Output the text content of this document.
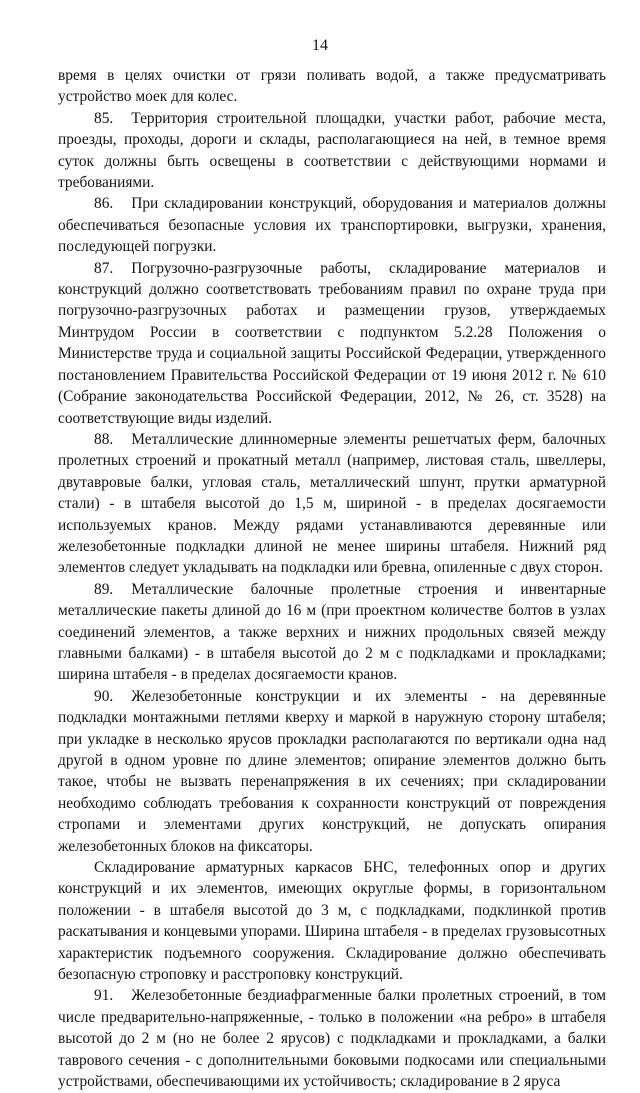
14

время в целях очистки от грязи поливать водой, а также предусматривать устройство моек для колес.

85. Территория строительной площадки, участки работ, рабочие места, проезды, проходы, дороги и склады, располагающиеся на ней, в темное время суток должны быть освещены в соответствии с действующими нормами и требованиями.

86. При складировании конструкций, оборудования и материалов должны обеспечиваться безопасные условия их транспортировки, выгрузки, хранения, последующей погрузки.

87. Погрузочно-разгрузочные работы, складирование материалов и конструкций должно соответствовать требованиям правил по охране труда при погрузочно-разгрузочных работах и размещении грузов, утверждаемых Минтрудом России в соответствии с подпунктом 5.2.28 Положения о Министерстве труда и социальной защиты Российской Федерации, утвержденного постановлением Правительства Российской Федерации от 19 июня 2012 г. № 610 (Собрание законодательства Российской Федерации, 2012, № 26, ст. 3528) на соответствующие виды изделий.

88. Металлические длинномерные элементы решетчатых ферм, балочных пролетных строений и прокатный металл (например, листовая сталь, швеллеры, двутавровые балки, угловая сталь, металлический шпунт, прутки арматурной стали) - в штабеля высотой до 1,5 м, шириной - в пределах досягаемости используемых кранов. Между рядами устанавливаются деревянные или железобетонные подкладки длиной не менее ширины штабеля. Нижний ряд элементов следует укладывать на подкладки или бревна, опиленные с двух сторон.

89. Металлические балочные пролетные строения и инвентарные металлические пакеты длиной до 16 м (при проектном количестве болтов в узлах соединений элементов, а также верхних и нижних продольных связей между главными балками) - в штабеля высотой до 2 м с подкладками и прокладками; ширина штабеля - в пределах досягаемости кранов.

90. Железобетонные конструкции и их элементы - на деревянные подкладки монтажными петлями кверху и маркой в наружную сторону штабеля; при укладке в несколько ярусов прокладки располагаются по вертикали одна над другой в одном уровне по длине элементов; опирание элементов должно быть такое, чтобы не вызвать перенапряжения в их сечениях; при складировании необходимо соблюдать требования к сохранности конструкций от повреждения стропами и элементами других конструкций, не допускать опирания железобетонных блоков на фиксаторы.

Складирование арматурных каркасов БНС, телефонных опор и других конструкций и их элементов, имеющих округлые формы, в горизонтальном положении - в штабеля высотой до 3 м, с подкладками, подклинкой против раскатывания и концевыми упорами. Ширина штабеля - в пределах грузовысотных характеристик подъемного сооружения. Складирование должно обеспечивать безопасную строповку и расстроповку конструкций.

91. Железобетонные бездиафрагменные балки пролетных строений, в том числе предварительно-напряженные, - только в положении «на ребро» в штабеля высотой до 2 м (но не более 2 ярусов) с подкладками и прокладками, а балки таврового сечения - с дополнительными боковыми подкосами или специальными устройствами, обеспечивающими их устойчивость; складирование в 2 яруса
